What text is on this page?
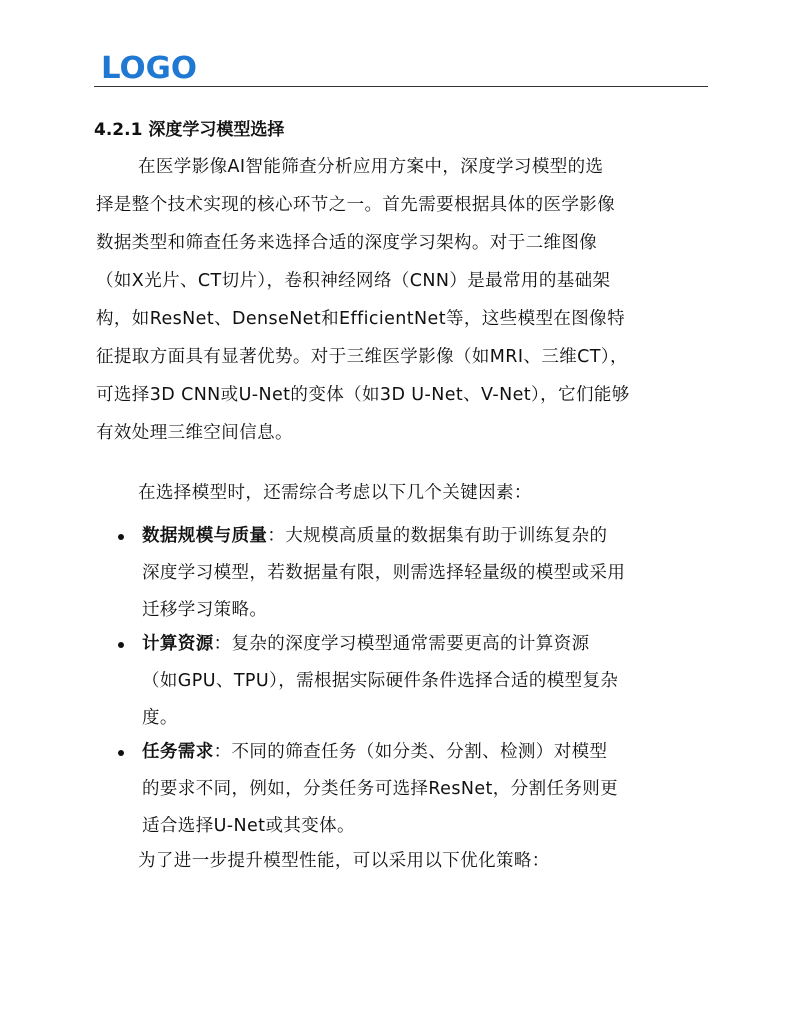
LOGO
4.2.1 深度学习模型选择
在医学影像AI智能筛查分析应用方案中，深度学习模型的选
择是整个技术实现的核心环节之一。首先需要根据具体的医学影像
数据类型和筛查任务来选择合适的深度学习架构。对于二维图像
（如X光片、CT切片），卷积神经网络（CNN）是最常用的基础架
构，如ResNet、DenseNet和EfficientNet等，这些模型在图像特
征提取方面具有显著优势。对于三维医学影像（如MRI、三维CT），
可选择3D CNN或U-Net的变体（如3D U-Net、V-Net），它们能够
有效处理三维空间信息。
在选择模型时，还需综合考虑以下几个关键因素：
数据规模与质量：大规模高质量的数据集有助于训练复杂的
深度学习模型，若数据量有限，则需选择轻量级的模型或采用
迁移学习策略。
计算资源：复杂的深度学习模型通常需要更高的计算资源
（如GPU、TPU），需根据实际硬件条件选择合适的模型复杂
度。
任务需求：不同的筛查任务（如分类、分割、检测）对模型
的要求不同，例如，分类任务可选择ResNet，分割任务则更
适合选择U-Net或其变体。
为了进一步提升模型性能，可以采用以下优化策略：
